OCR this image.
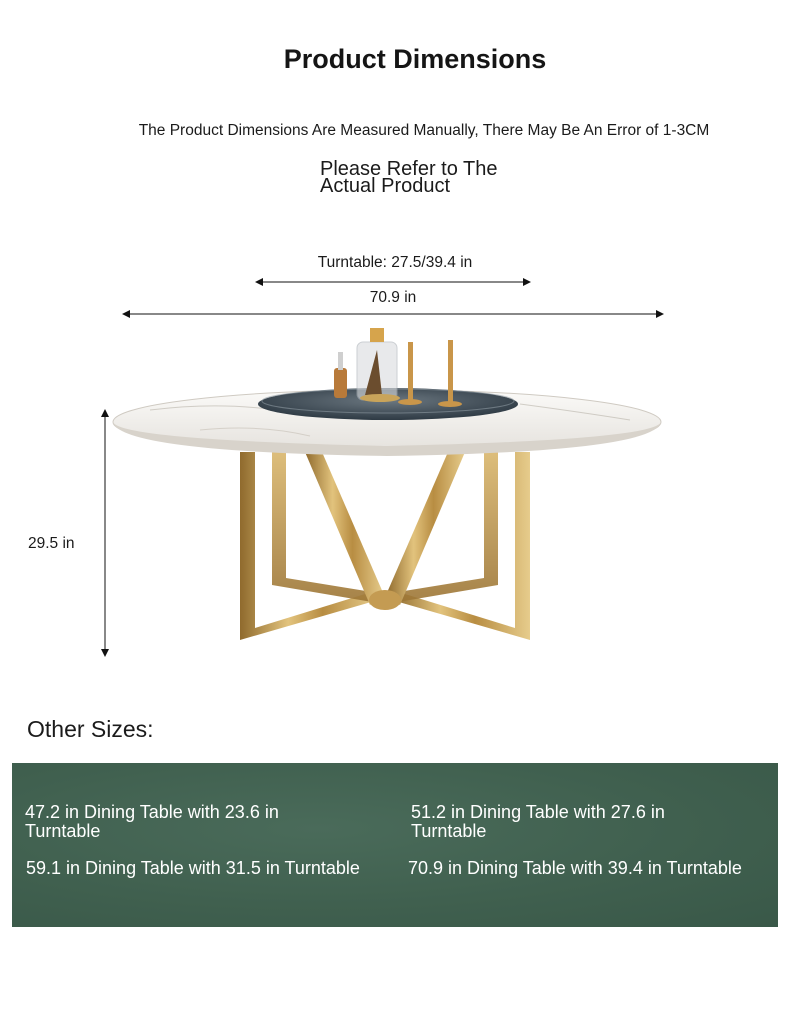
Product Dimensions
The Product Dimensions Are Measured Manually, There May Be An Error of 1-3CM
Please Refer to The
Actual Product
Turntable: 27.5/39.4 in
70.9 in
29.5 in
Other Sizes:
47.2 in Dining Table with 23.6 in Turntable
51.2 in Dining Table with 27.6 in Turntable
59.1 in Dining Table with 31.5 in Turntable	70.9 in Dining Table with 39.4 in Turntable
